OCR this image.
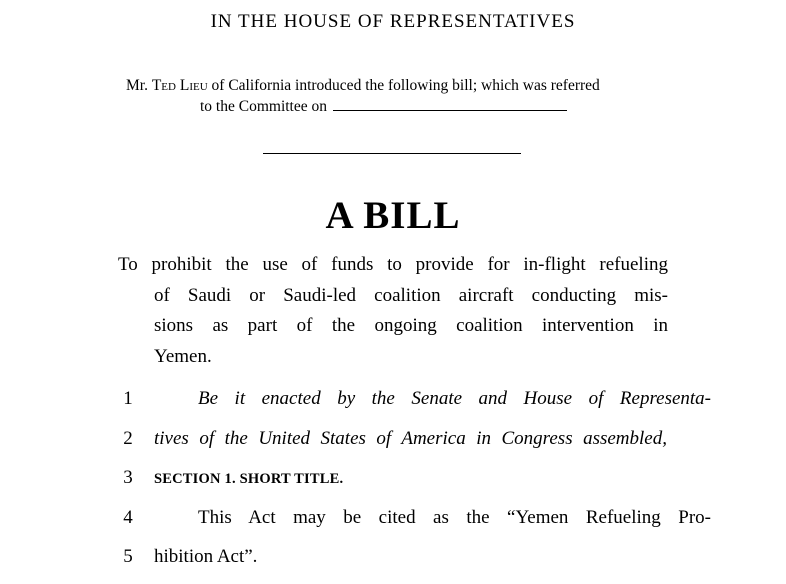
IN THE HOUSE OF REPRESENTATIVES
Mr. Ted Lieu of California introduced the following bill; which was referred
to the Committee on
A BILL
To prohibit the use of funds to provide for in-flight refueling
of Saudi or Saudi-led coalition aircraft conducting mis-
sions as part of the ongoing coalition intervention in
Yemen.
1	Be it enacted by the Senate and House of Representa-
2 tives of the United States of America in Congress assembled,
3	SECTION 1. SHORT TITLE.
4	This Act may be cited as the “Yemen Refueling Pro-
5 hibition Act”.
